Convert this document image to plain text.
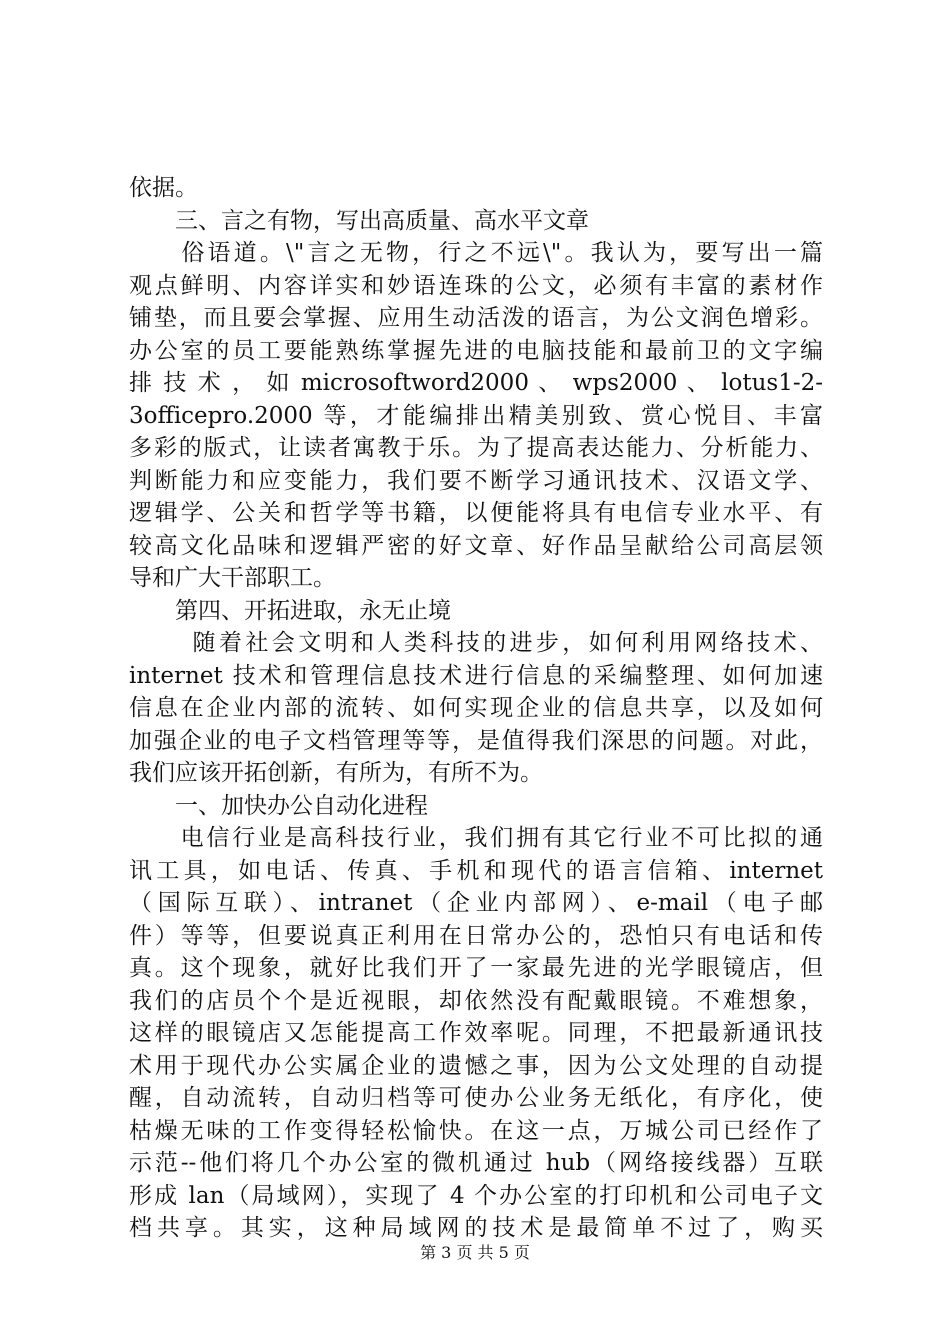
依据。
　　三、言之有物，写出高质量、高水平文章
　　俗语道。\"言之无物，行之不远\"。我认为，要写出一篇
观点鲜明、内容详实和妙语连珠的公文，必须有丰富的素材作
铺垫，而且要会掌握、应用生动活泼的语言，为公文润色增彩。
办公室的员工要能熟练掌握先进的电脑技能和最前卫的文字编
排 技 术 ， 如 microsoftword2000 、 wps2000 、 lotus1-2-
3officepro.2000 等，才能编排出精美别致、赏心悦目、丰富
多彩的版式，让读者寓教于乐。为了提高表达能力、分析能力、
判断能力和应变能力，我们要不断学习通讯技术、汉语文学、
逻辑学、公关和哲学等书籍，以便能将具有电信专业水平、有
较高文化品味和逻辑严密的好文章、好作品呈献给公司高层领
导和广大干部职工。
　　第四、开拓进取，永无止境
　　 随着社会文明和人类科技的进步，如何利用网络技术、
internet 技术和管理信息技术进行信息的采编整理、如何加速
信息在企业内部的流转、如何实现企业的信息共享，以及如何
加强企业的电子文档管理等等，是值得我们深思的问题。对此，
我们应该开拓创新，有所为，有所不为。
　　一、加快办公自动化进程
　　电信行业是高科技行业，我们拥有其它行业不可比拟的通
讯工具，如电话、传真、手机和现代的语言信箱、internet
（国际互联）、intranet（企业内部网）、e-mail（电子邮
件）等等，但要说真正利用在日常办公的，恐怕只有电话和传
真。这个现象，就好比我们开了一家最先进的光学眼镜店，但
我们的店员个个是近视眼，却依然没有配戴眼镜。不难想象，
这样的眼镜店又怎能提高工作效率呢。同理，不把最新通讯技
术用于现代办公实属企业的遗憾之事，因为公文处理的自动提
醒，自动流转，自动归档等可使办公业务无纸化，有序化，使
枯燥无味的工作变得轻松愉快。在这一点，万城公司已经作了
示范--他们将几个办公室的微机通过 hub（网络接线器）互联
形成 lan（局域网），实现了 4 个办公室的打印机和公司电子文
档共享。其实，这种局域网的技术是最简单不过了，购买
第 3 页 共 5 页
